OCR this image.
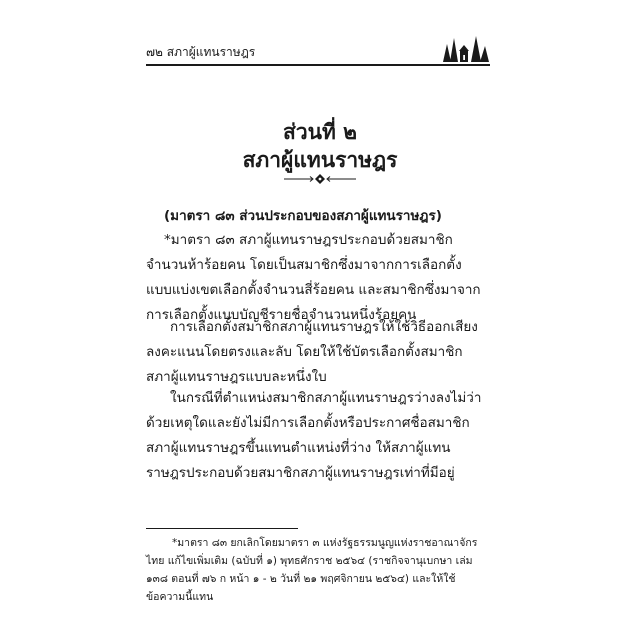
๗๒ สภาผู้แทนราษฎร
ส่วนที่ ๒
สภาผู้แทนราษฎร

(มาตรา ๘๓ ส่วนประกอบของสภาผู้แทนราษฎร)

*มาตรา ๘๓ สภาผู้แทนราษฎรประกอบด้วยสมาชิกจำนวนห้าร้อยคน โดยเป็นสมาชิกซึ่งมาจากการเลือกตั้งแบบแบ่งเขตเลือกตั้งจำนวนสี่ร้อยคน และสมาชิกซึ่งมาจากการเลือกตั้งแบบบัญชีรายชื่อจำนวนหนึ่งร้อยคน

การเลือกตั้งสมาชิกสภาผู้แทนราษฎรให้ใช้วิธีออกเสียงลงคะแนนโดยตรงและลับ โดยให้ใช้บัตรเลือกตั้งสมาชิกสภาผู้แทนราษฎรแบบละหนึ่งใบ

ในกรณีที่ตำแหน่งสมาชิกสภาผู้แทนราษฎรว่างลงไม่ว่าด้วยเหตุใดและยังไม่มีการเลือกตั้งหรือประกาศชื่อสมาชิกสภาผู้แทนราษฎรขึ้นแทนตำแหน่งที่ว่าง ให้สภาผู้แทนราษฎรประกอบด้วยสมาชิกสภาผู้แทนราษฎรเท่าที่มีอยู่

*มาตรา ๘๓ ยกเลิกโดยมาตรา ๓ แห่งรัฐธรรมนูญแห่งราชอาณาจักรไทย แก้ไขเพิ่มเติม (ฉบับที่ ๑) พุทธศักราช ๒๕๖๔ (ราชกิจจานุเบกษา เล่ม ๑๓๘ ตอนที่ ๗๖ ก หน้า ๑ - ๒ วันที่ ๒๑ พฤศจิกายน ๒๕๖๔) และให้ใช้ข้อความนี้แทน
